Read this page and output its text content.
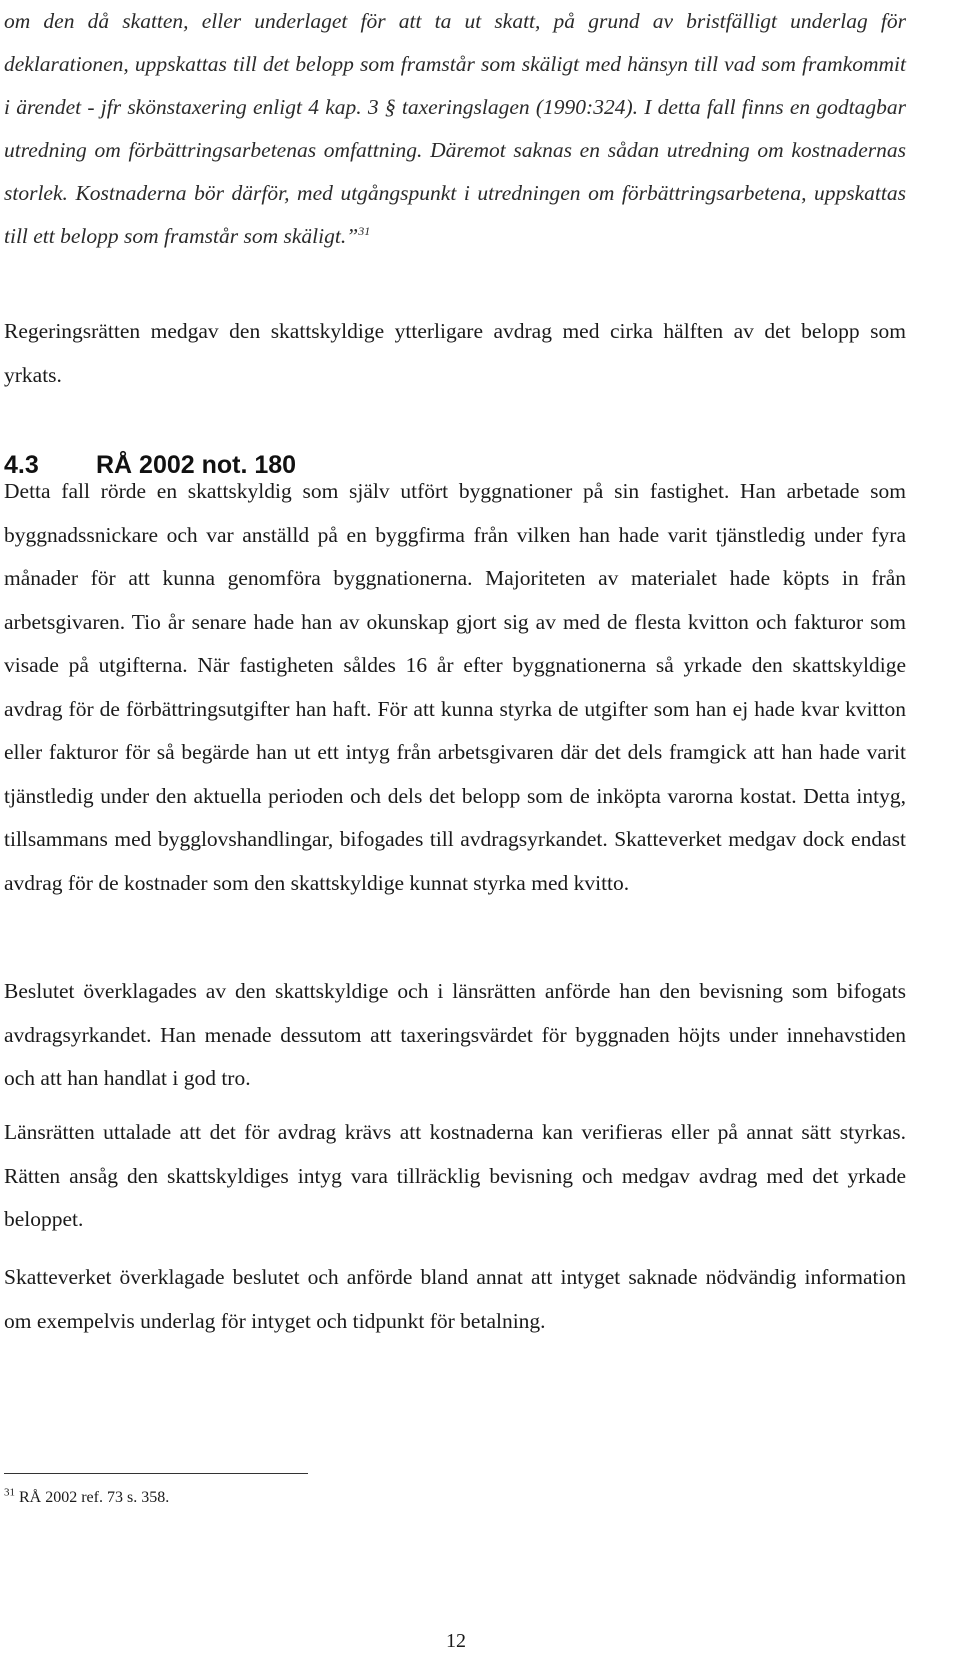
om den då skatten, eller underlaget för att ta ut skatt, på grund av bristfälligt underlag för deklarationen, uppskattas till det belopp som framstår som skäligt med hänsyn till vad som framkommit i ärendet - jfr skönstaxering enligt 4 kap. 3 § taxeringslagen (1990:324). I detta fall finns en godtagbar utredning om förbättringsarbetenas omfattning. Däremot saknas en sådan utredning om kostnadernas storlek. Kostnaderna bör därför, med utgångspunkt i utredningen om förbättringsarbetena, uppskattas till ett belopp som framstår som skäligt.”$^{31}$

Regeringsrätten medgav den skattskyldige ytterligare avdrag med cirka hälften av det belopp som yrkats.

4.3 RÅ 2002 not. 180

Detta fall rörde en skattskyldig som själv utfört byggnationer på sin fastighet. Han arbetade som byggnadssnickare och var anställd på en byggfirma från vilken han hade varit tjänstledig under fyra månader för att kunna genomföra byggnationerna. Majoriteten av materialet hade köpts in från arbetsgivaren. Tio år senare hade han av okunskap gjort sig av med de flesta kvitton och fakturor som visade på utgifterna. När fastigheten såldes 16 år efter byggnationerna så yrkade den skattskyldige avdrag för de förbättringsutgifter han haft. För att kunna styrka de utgifter som han ej hade kvar kvitton eller fakturor för så begärde han ut ett intyg från arbetsgivaren där det dels framgick att han hade varit tjänstledig under den aktuella perioden och dels det belopp som de inköpta varorna kostat. Detta intyg, tillsammans med bygglovshandlingar, bifogades till avdragsyrkandet. Skatteverket medgav dock endast avdrag för de kostnader som den skattskyldige kunnat styrka med kvitto.

Beslutet överklagades av den skattskyldige och i länsrätten anförde han den bevisning som bifogats avdragsyrkandet. Han menade dessutom att taxeringsvärdet för byggnaden höjts under innehavstiden och att han handlat i god tro.

Länsrätten uttalade att det för avdrag krävs att kostnaderna kan verifieras eller på annat sätt styrkas. Rätten ansåg den skattskyldiges intyg vara tillräcklig bevisning och medgav avdrag med det yrkade beloppet.

Skatteverket överklagade beslutet och anförde bland annat att intyget saknade nödvändig information om exempelvis underlag för intyget och tidpunkt för betalning.

$^{31}$ RÅ 2002 ref. 73 s. 358.
12
